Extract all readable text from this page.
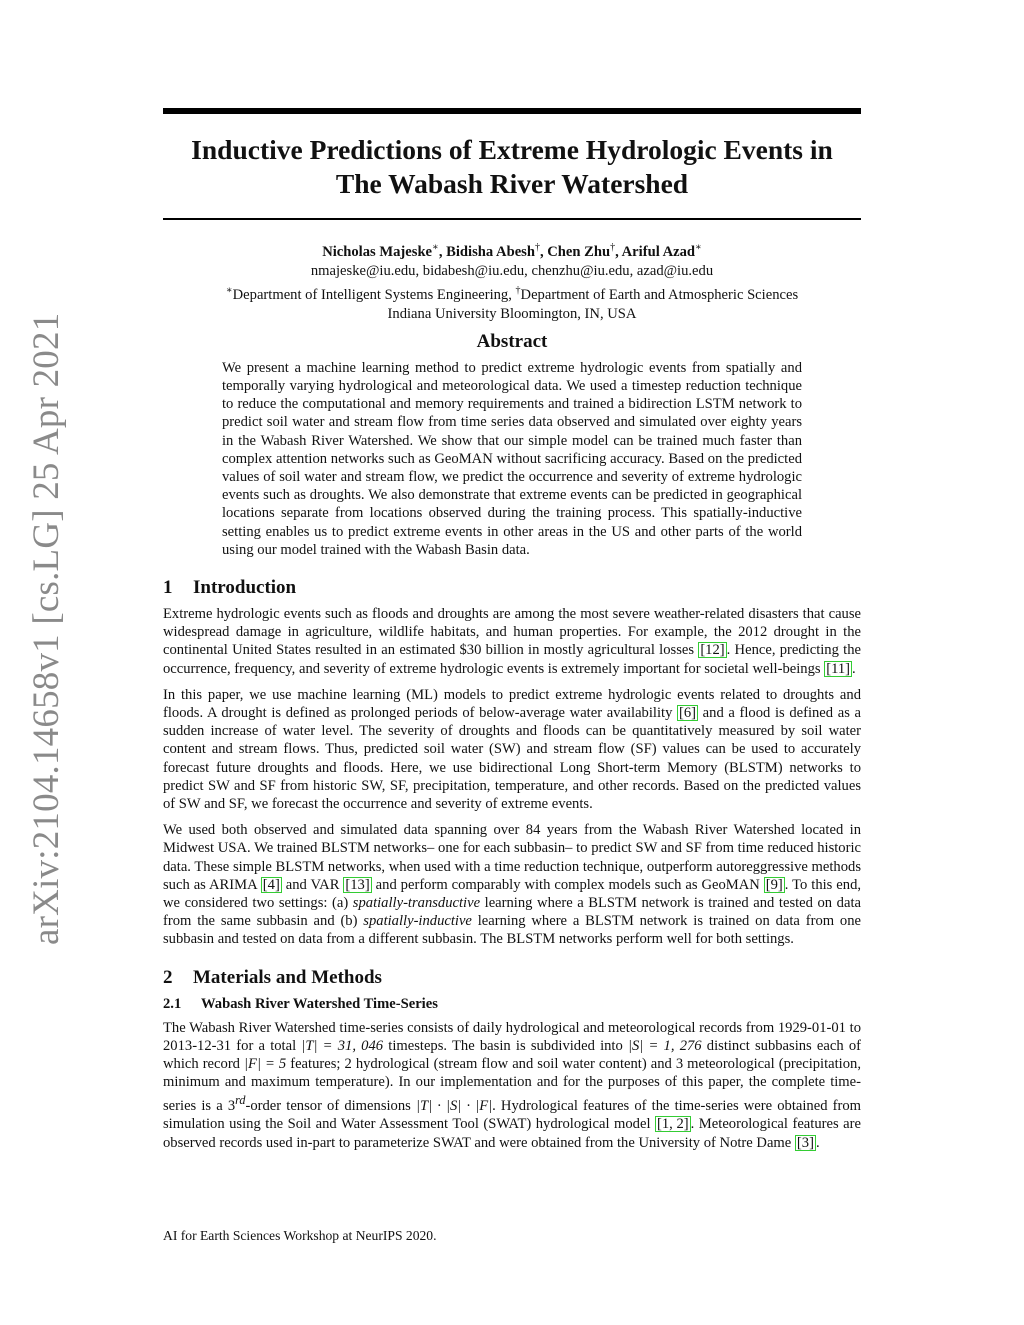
arXiv:2104.14658v1 [cs.LG] 25 Apr 2021
Inductive Predictions of Extreme Hydrologic Events in
The Wabash River Watershed
Nicholas Majeske∗, Bidisha Abesh†, Chen Zhu†, Ariful Azad∗
nmajeske@iu.edu, bidabesh@iu.edu, chenzhu@iu.edu, azad@iu.edu
∗Department of Intelligent Systems Engineering, †Department of Earth and Atmospheric Sciences
Indiana University Bloomington, IN, USA
Abstract
We present a machine learning method to predict extreme hydrologic events from spatially and temporally varying hydrological and meteorological data. We used a timestep reduction technique to reduce the computational and memory requirements and trained a bidirection LSTM network to predict soil water and stream flow from time series data observed and simulated over eighty years in the Wabash River Watershed. We show that our simple model can be trained much faster than complex attention networks such as GeoMAN without sacrificing accuracy. Based on the predicted values of soil water and stream flow, we predict the occurrence and severity of extreme hydrologic events such as droughts. We also demonstrate that extreme events can be predicted in geographical locations separate from locations observed during the training process. This spatially-inductive setting enables us to predict extreme events in other areas in the US and other parts of the world using our model trained with the Wabash Basin data.
1 Introduction

Extreme hydrologic events such as floods and droughts are among the most severe weather-related disasters that cause widespread damage in agriculture, wildlife habitats, and human properties. For example, the 2012 drought in the continental United States resulted in an estimated $30 billion in mostly agricultural losses [12] . Hence, predicting the occurrence, frequency, and severity of extreme hydrologic events is extremely important for societal well-beings [11] .

In this paper, we use machine learning (ML) models to predict extreme hydrologic events related to droughts and floods. A drought is defined as prolonged periods of below-average water availability [6] and a flood is defined as a sudden increase of water level. The severity of droughts and floods can be quantitatively measured by soil water content and stream flows. Thus, predicted soil water (SW) and stream flow (SF) values can be used to accurately forecast future droughts and floods. Here, we use bidirectional Long Short-term Memory (BLSTM) networks to predict SW and SF from historic SW, SF, precipitation, temperature, and other records. Based on the predicted values of SW and SF, we forecast the occurrence and severity of extreme events.

We used both observed and simulated data spanning over 84 years from the Wabash River Watershed located in Midwest USA. We trained BLSTM networks– one for each subbasin– to predict SW and SF from time reduced historic data. These simple BLSTM networks, when used with a time reduction technique, outperform autoreggressive methods such as ARIMA [4] and VAR [13] and perform comparably with complex models such as GeoMAN [9] . To this end, we considered two settings: (a) spatially-transductive learning where a BLSTM network is trained and tested on data from the same subbasin and (b) spatially-inductive learning where a BLSTM network is trained on data from one subbasin and tested on data from a different subbasin. The BLSTM networks perform well for both settings.

2 Materials and Methods
2.1 Wabash River Watershed Time-Series

The Wabash River Watershed time-series consists of daily hydrological and meteorological records from 1929-01-01 to 2013-12-31 for a total |T| = 31, 046 timesteps. The basin is subdivided into |S| = 1, 276 distinct subbasins each of which record |F| = 5 features; 2 hydrological (stream flow and soil water content) and 3 meteorological (precipitation, minimum and maximum temperature). In our implementation and for the purposes of this paper, the complete time-series is a 3rd-order tensor of dimensions |T| · |S| · |F|. Hydrological features of the time-series were obtained from simulation using the Soil and Water Assessment Tool (SWAT) hydrological model [1, 2] . Meteorological features are observed records used in-part to parameterize SWAT and were obtained from the University of Notre Dame [3] .

AI for Earth Sciences Workshop at NeurIPS 2020.
